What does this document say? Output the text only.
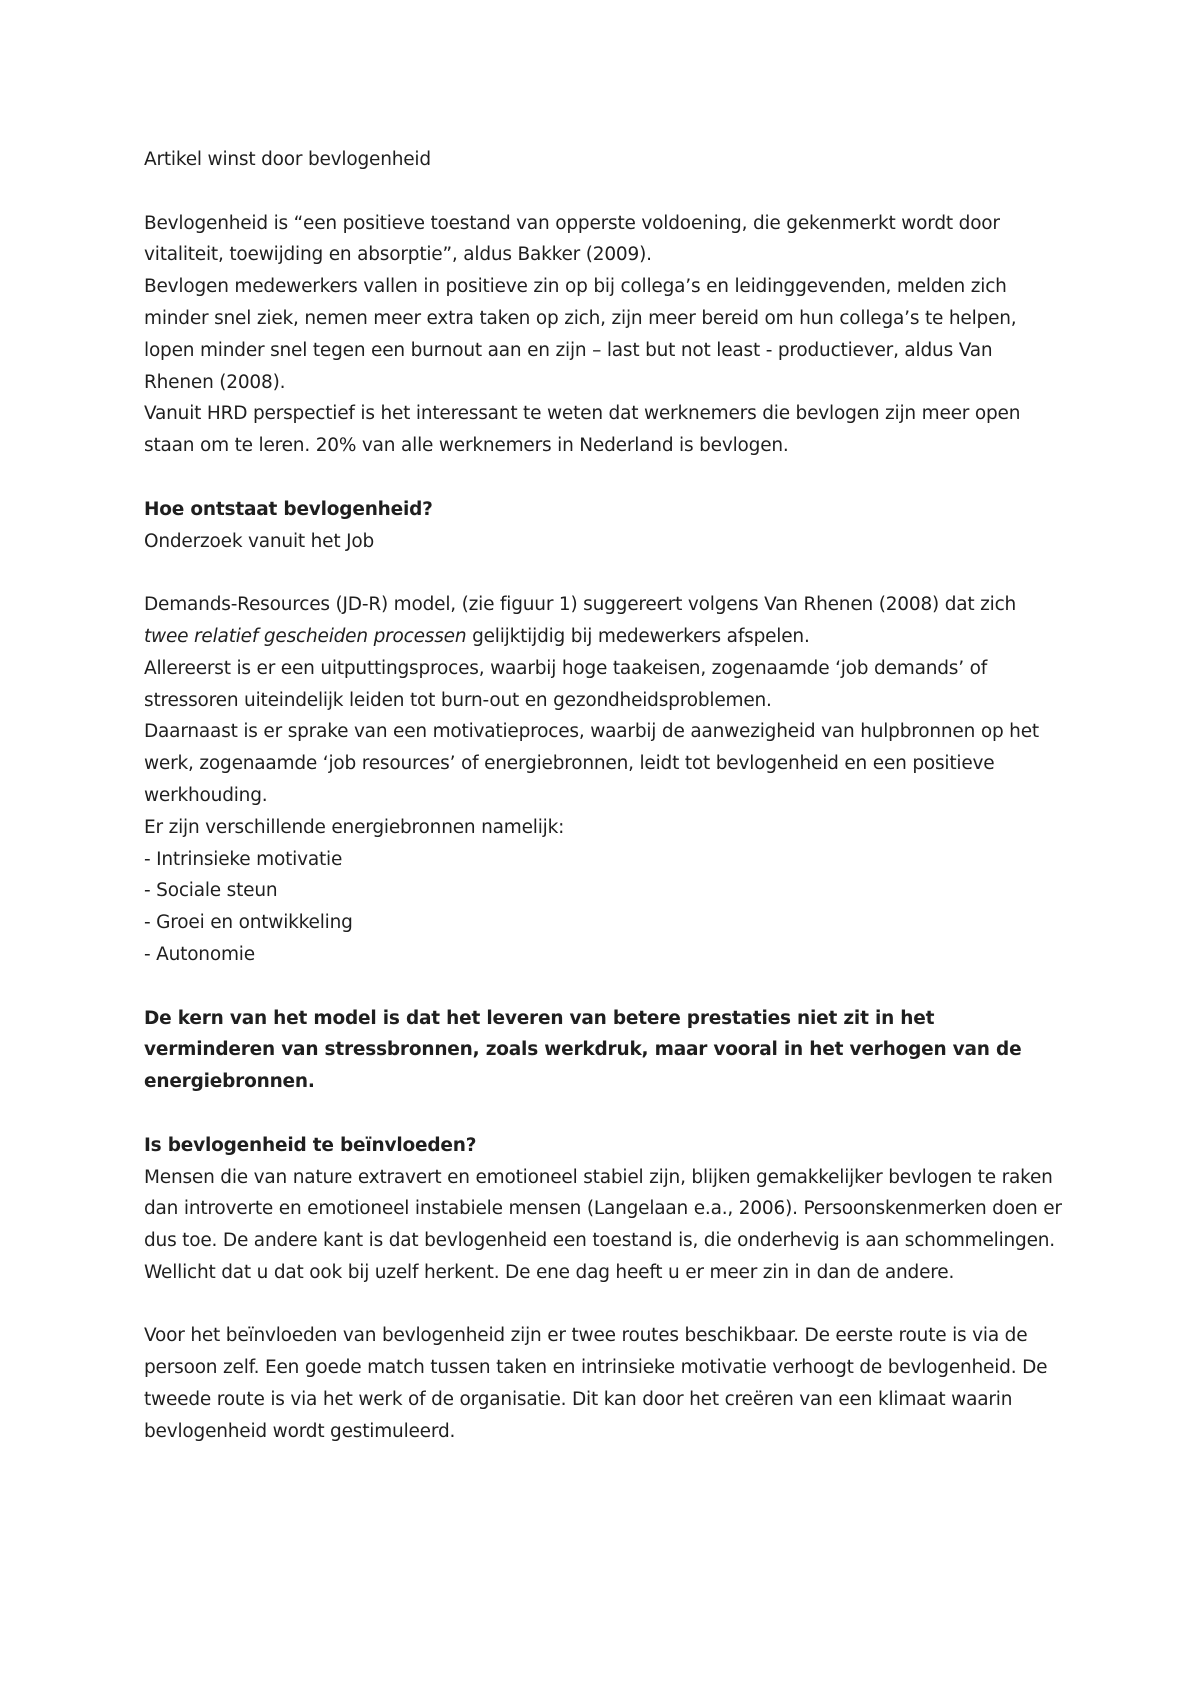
Artikel winst door bevlogenheid

Bevlogenheid is “een positieve toestand van opperste voldoening, die gekenmerkt wordt door vitaliteit, toewijding en absorptie”, aldus Bakker (2009).

Bevlogen medewerkers vallen in positieve zin op bij collega’s en leidinggevenden, melden zich minder snel ziek, nemen meer extra taken op zich, zijn meer bereid om hun collega’s te helpen, lopen minder snel tegen een burnout aan en zijn – last but not least - productiever, aldus Van Rhenen (2008).

Vanuit HRD perspectief is het interessant te weten dat werknemers die bevlogen zijn meer open staan om te leren. 20% van alle werknemers in Nederland is bevlogen.

Hoe ontstaat bevlogenheid?

Onderzoek vanuit het Job

Demands-Resources (JD-R) model, (zie figuur 1) suggereert volgens Van Rhenen (2008) dat zich twee relatief gescheiden processen gelijktijdig bij medewerkers afspelen.

Allereerst is er een uitputtingsproces, waarbij hoge taakeisen, zogenaamde ‘job demands’ of stressoren uiteindelijk leiden tot burn-out en gezondheidsproblemen.

Daarnaast is er sprake van een motivatieproces, waarbij de aanwezigheid van hulpbronnen op het werk, zogenaamde ‘job resources’ of energiebronnen, leidt tot bevlogenheid en een positieve werkhouding.

Er zijn verschillende energiebronnen namelijk:

- Intrinsieke motivatie

- Sociale steun

- Groei en ontwikkeling

- Autonomie

De kern van het model is dat het leveren van betere prestaties niet zit in het verminderen van stressbronnen, zoals werkdruk, maar vooral in het verhogen van de energiebronnen.

Is bevlogenheid te beïnvloeden?

Mensen die van nature extravert en emotioneel stabiel zijn, blijken gemakkelijker bevlogen te raken dan introverte en emotioneel instabiele mensen (Langelaan e.a., 2006). Persoonskenmerken doen er dus toe. De andere kant is dat bevlogenheid een toestand is, die onderhevig is aan schommelingen. Wellicht dat u dat ook bij uzelf herkent. De ene dag heeft u er meer zin in dan de andere.

Voor het beïnvloeden van bevlogenheid zijn er twee routes beschikbaar. De eerste route is via de persoon zelf. Een goede match tussen taken en intrinsieke motivatie verhoogt de bevlogenheid. De tweede route is via het werk of de organisatie. Dit kan door het creëren van een klimaat waarin bevlogenheid wordt gestimuleerd.
